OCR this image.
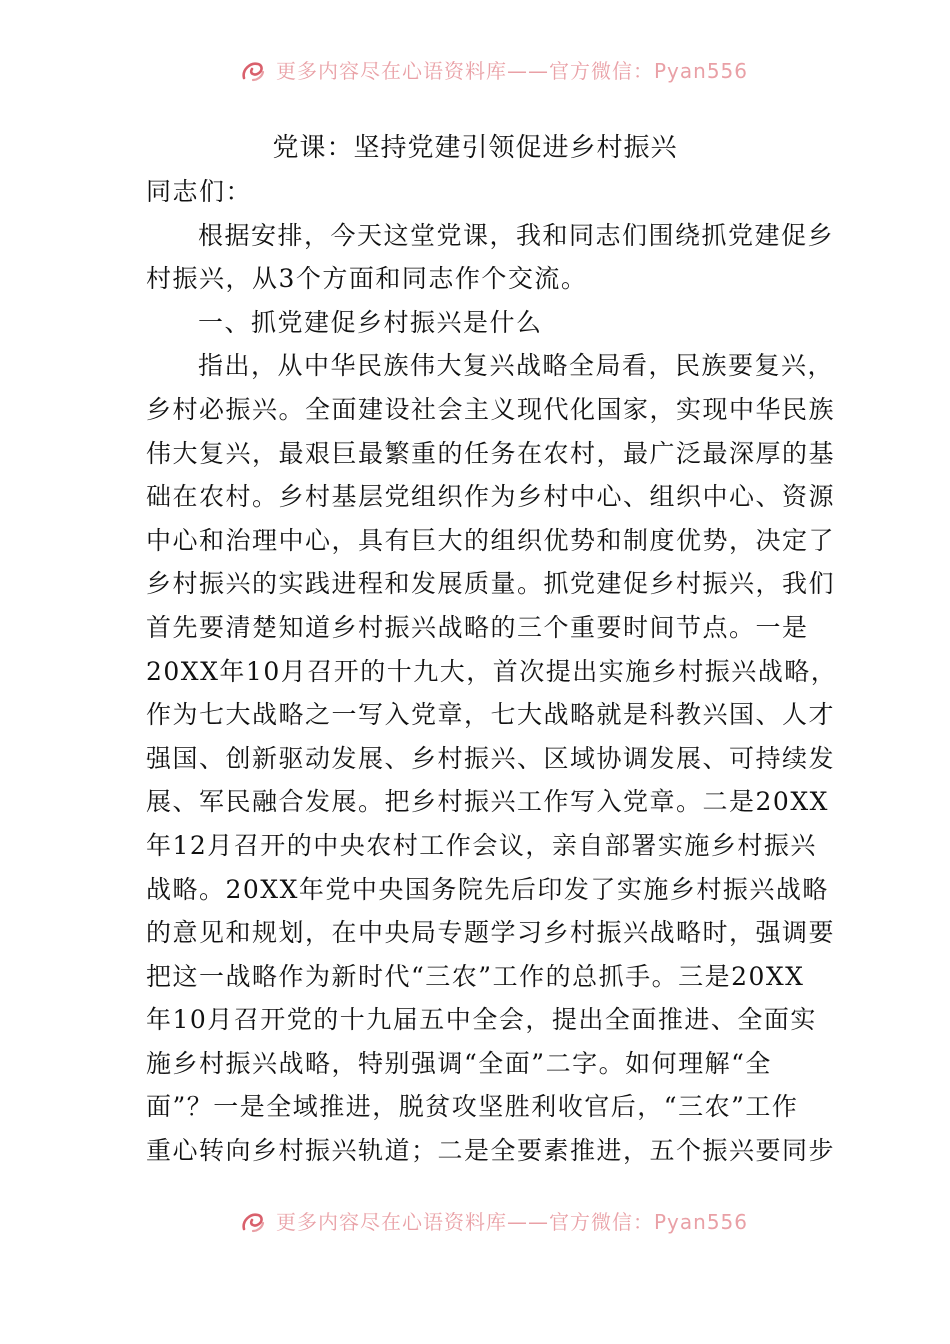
更多内容尽在心语资料库——官方微信：Pyan556
党课：坚持党建引领促进乡村振兴
同志们：
根据安排，今天这堂党课，我和同志们围绕抓党建促乡
村振兴，从3个方面和同志作个交流。
一、抓党建促乡村振兴是什么
指出，从中华民族伟大复兴战略全局看，民族要复兴，
乡村必振兴。全面建设社会主义现代化国家，实现中华民族
伟大复兴，最艰巨最繁重的任务在农村，最广泛最深厚的基
础在农村。乡村基层党组织作为乡村中心、组织中心、资源
中心和治理中心，具有巨大的组织优势和制度优势，决定了
乡村振兴的实践进程和发展质量。抓党建促乡村振兴，我们
首先要清楚知道乡村振兴战略的三个重要时间节点。一是
20XX年10月召开的十九大，首次提出实施乡村振兴战略，
作为七大战略之一写入党章，七大战略就是科教兴国、人才
强国、创新驱动发展、乡村振兴、区域协调发展、可持续发
展、军民融合发展。把乡村振兴工作写入党章。二是20XX
年12月召开的中央农村工作会议，亲自部署实施乡村振兴
战略。20XX年党中央国务院先后印发了实施乡村振兴战略
的意见和规划，在中央局专题学习乡村振兴战略时，强调要
把这一战略作为新时代“三农”工作的总抓手。三是20XX
年10月召开党的十九届五中全会，提出全面推进、全面实
施乡村振兴战略，特别强调“全面”二字。如何理解“全
面”？一是全域推进，脱贫攻坚胜利收官后，“三农”工作
重心转向乡村振兴轨道；二是全要素推进，五个振兴要同步
更多内容尽在心语资料库——官方微信：Pyan556
